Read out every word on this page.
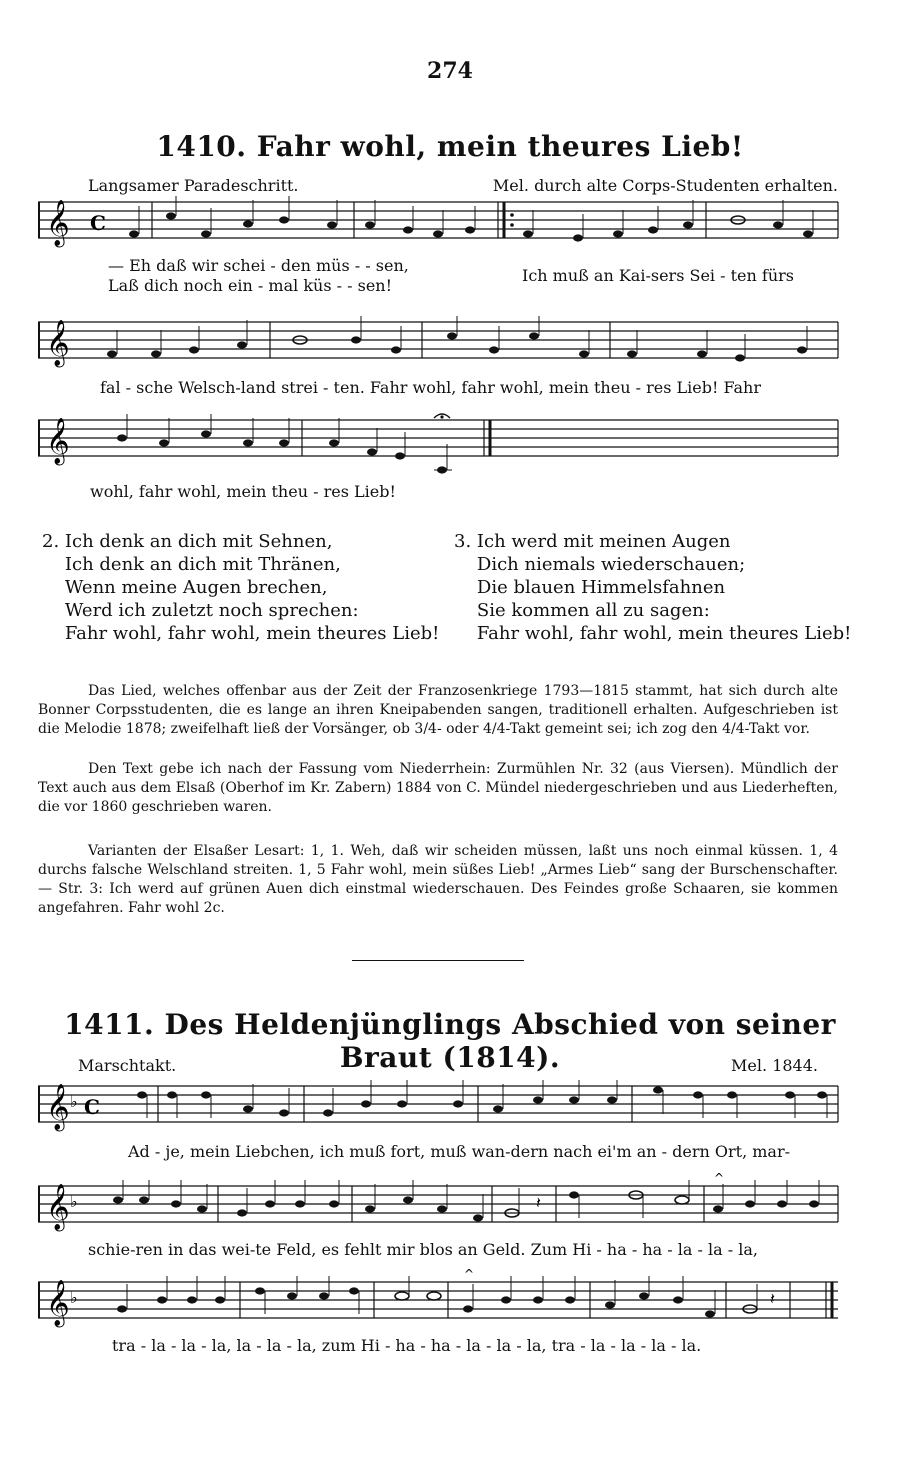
274
1410. Fahr wohl, mein theures Lieb!
Langsamer Paradeschritt.	Mel. durch alte Corps-Studenten erhalten.
𝄞 C
— Eh daß wir schei - den müs - - sen,
Laß dich noch ein - mal küs - - sen!
Ich muß an Kai-sers Sei - ten fürs
𝄞
fal - sche Welsch-land strei - ten. Fahr wohl, fahr wohl, mein theu - res Lieb! Fahr
𝄞
wohl, fahr wohl, mein theu - res Lieb!
2. Ich denk an dich mit Sehnen,
Ich denk an dich mit Thränen,
Wenn meine Augen brechen,
Werd ich zuletzt noch sprechen:
Fahr wohl, fahr wohl, mein theures Lieb!
3. Ich werd mit meinen Augen
Dich niemals wiederschauen;
Die blauen Himmelsfahnen
Sie kommen all zu sagen:
Fahr wohl, fahr wohl, mein theures Lieb!
Das Lied, welches offenbar aus der Zeit der Franzosenkriege 1793—1815 stammt, hat sich durch alte Bonner Corpsstudenten, die es lange an ihren Kneipabenden sangen, traditionell erhalten. Aufgeschrieben ist die Melodie 1878; zweifelhaft ließ der Vorsänger, ob 3/4- oder 4/4-Takt gemeint sei; ich zog den 4/4-Takt vor.
Den Text gebe ich nach der Fassung vom Niederrhein: Zurmühlen Nr. 32 (aus Viersen). Mündlich der Text auch aus dem Elsaß (Oberhof im Kr. Zabern) 1884 von C. Mündel niedergeschrieben und aus Liederheften, die vor 1860 geschrieben waren.
Varianten der Elsaßer Lesart: 1, 1. Weh, daß wir scheiden müssen, laßt uns noch einmal küssen. 1, 4 durchs falsche Welschland streiten. 1, 5 Fahr wohl, mein süßes Lieb! „Armes Lieb“ sang der Burschenschafter. — Str. 3: Ich werd auf grünen Auen dich einstmal wiederschauen. Des Feindes große Schaaren, sie kommen angefahren. Fahr wohl 2c.
1411. Des Heldenjünglings Abschied von seiner Braut (1814).
Marschtakt.	Mel. 1844.
𝄞 ♭ C
Ad - je, mein Liebchen, ich muß fort, muß wan-dern nach ei'm an - dern Ort, mar-
𝄞 ♭	𝄽
^
schie-ren in das wei-te Feld, es fehlt mir blos an Geld. Zum Hi - ha - ha - la - la - la,
𝄞 ♭	𝄽
^
tra - la - la - la, la - la - la, zum Hi - ha - ha - la - la - la, tra - la - la - la - la.
